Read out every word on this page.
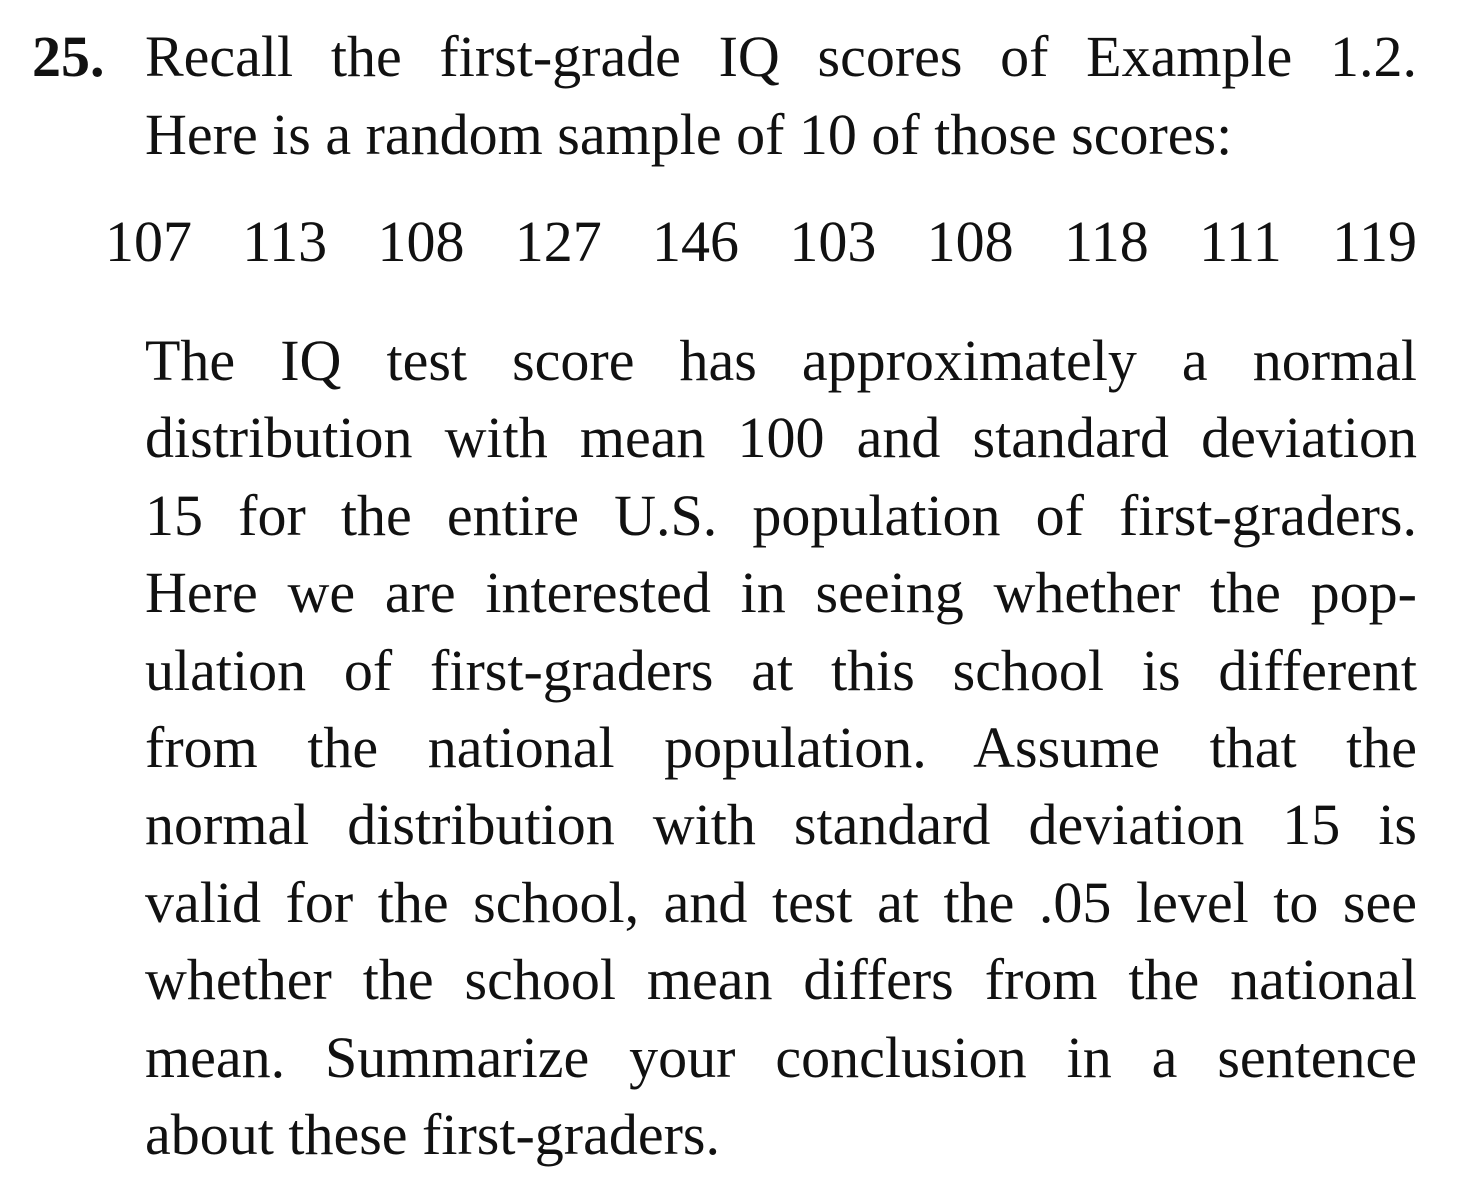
25. Recall the first-grade IQ scores of Example 1.2.
Here is a random sample of 10 of those scores:
107 113 108 127 146 103 108 118 111 119
The IQ test score has approximately a normal
distribution with mean 100 and standard deviation
15 for the entire U.S. population of first-graders.
Here we are interested in seeing whether the pop-
ulation of first-graders at this school is different
from the national population. Assume that the
normal distribution with standard deviation 15 is
valid for the school, and test at the .05 level to see
whether the school mean differs from the national
mean. Summarize your conclusion in a sentence
about these first-graders.
